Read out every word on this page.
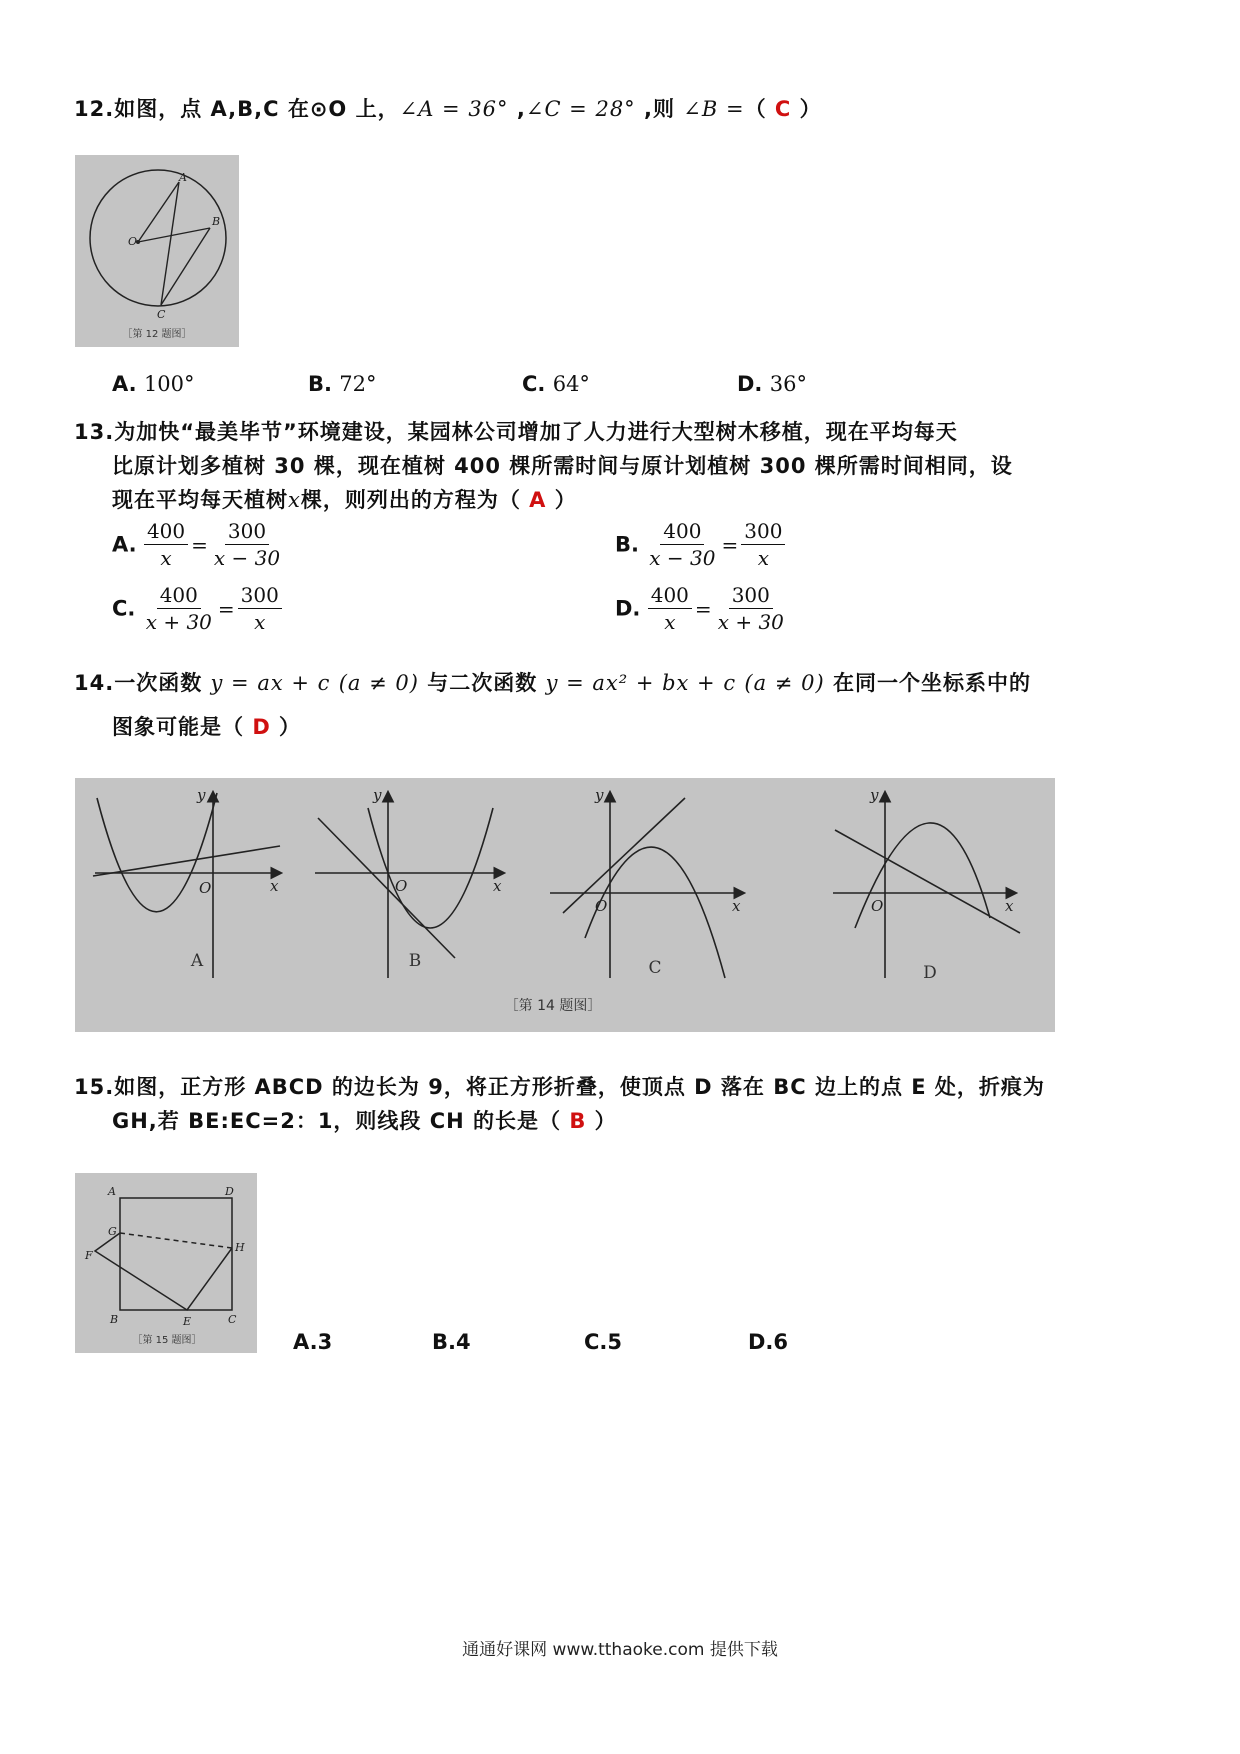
12.如图，点 A,B,C 在⊙O 上，∠A = 36° ,∠C = 28° ,则 ∠B =（ C ）
A
B
O
C
［第 12 题图］
A. 100°	B. 72°	C. 64°	D. 36°
13.为加快“最美毕节”环境建设，某园林公司增加了人力进行大型树木移植，现在平均每天
比原计划多植树 30 棵，现在植树 400 棵所需时间与原计划植树 300 棵所需时间相同，设
现在平均每天植树x棵，则列出的方程为（ A ）
A. $\frac{400}{x} = \frac{300}{x - 30}$	B. $\frac{400}{x - 30} = \frac{300}{x}$
C. $\frac{400}{x + 30} = \frac{300}{x}$	D. $\frac{400}{x} = \frac{300}{x + 30}$
14.一次函数 y = ax + c (a ≠ 0) 与二次函数 y = ax² + bx + c (a ≠ 0) 在同一个坐标系中的
图象可能是（ D ）
y
x
O
y
x
O
y
x
O
y
x
O
A	B	C	D
［第 14 题图］
15.如图，正方形 ABCD 的边长为 9，将正方形折叠，使顶点 D 落在 BC 边上的点 E 处，折痕为
GH,若 BE:EC=2：1，则线段 CH 的长是（ B ）
A	D
G
H
F
B	E	C
［第 15 题图］	A.3	B.4	C.5	D.6
通通好课网 www.tthaoke.com 提供下载
